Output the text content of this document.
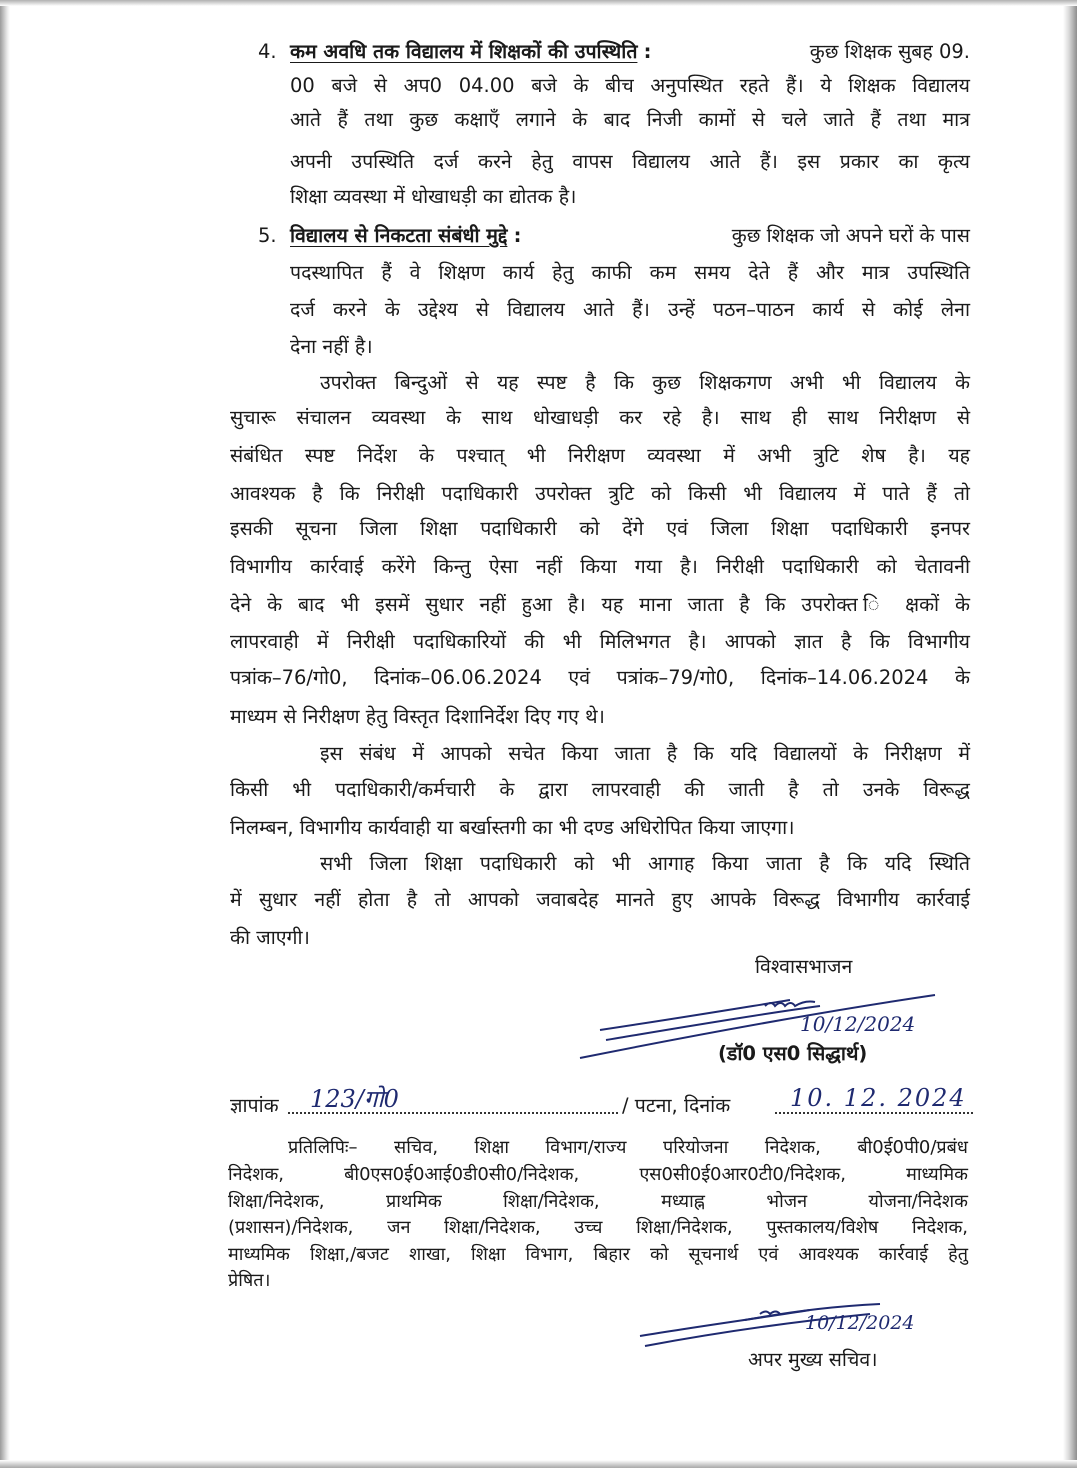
4. कम अवधि तक विद्यालय में शिक्षकों की उपस्थिति :	कुछ शिक्षक सुबह 09.
00 बजे से अप0 04.00 बजे के बीच अनुपस्थित रहते हैं। ये शिक्षक विद्यालय
आते हैं तथा कुछ कक्षाएँ लगाने के बाद निजी कामों से चले जाते हैं तथा मात्र
अपनी उपस्थिति दर्ज करने हेतु वापस विद्यालय आते हैं। इस प्रकार का कृत्य
शिक्षा व्यवस्था में धोखाधड़ी का द्योतक है।
5. विद्यालय से निकटता संबंधी मुद्दे :	कुछ शिक्षक जो अपने घरों के पास
पदस्थापित हैं वे शिक्षण कार्य हेतु काफी कम समय देते हैं और मात्र उपस्थिति
दर्ज करने के उद्देश्य से विद्यालय आते हैं। उन्हें पठन–पाठन कार्य से कोई लेना
देना नहीं है।
उपरोक्त बिन्दुओं से यह स्पष्ट है कि कुछ शिक्षकगण अभी भी विद्यालय के
सुचारू संचालन व्यवस्था के साथ धोखाधड़ी कर रहे है। साथ ही साथ निरीक्षण से
संबंधित स्पष्ट निर्देश के पश्चात् भी निरीक्षण व्यवस्था में अभी त्रुटि शेष है। यह
आवश्यक है कि निरीक्षी पदाधिकारी उपरोक्त त्रुटि को किसी भी विद्यालय में पाते हैं तो
इसकी सूचना जिला शिक्षा पदाधिकारी को देंगे एवं जिला शिक्षा पदाधिकारी इनपर
विभागीय कार्रवाई करेंगे किन्तु ऐसा नहीं किया गया है। निरीक्षी पदाधिकारी को चेतावनी
देने के बाद भी इसमें सुधार नहीं हुआ है। यह माना जाता है कि उपरोक्त ि क्षकों के
लापरवाही में निरीक्षी पदाधिकारियों की भी मिलिभगत है। आपको ज्ञात है कि विभागीय
पत्रांक–76/गो0, दिनांक–06.06.2024 एवं पत्रांक–79/गो0, दिनांक–14.06.2024 के
माध्यम से निरीक्षण हेतु विस्तृत दिशानिर्देश दिए गए थे।
इस संबंध में आपको सचेत किया जाता है कि यदि विद्यालयों के निरीक्षण में
किसी भी पदाधिकारी/कर्मचारी के द्वारा लापरवाही की जाती है तो उनके विरूद्ध
निलम्बन, विभागीय कार्यवाही या बर्खास्तगी का भी दण्ड अधिरोपित किया जाएगा।
सभी जिला शिक्षा पदाधिकारी को भी आगाह किया जाता है कि यदि स्थिति
में सुधार नहीं होता है तो आपको जवाबदेह मानते हुए आपके विरूद्ध विभागीय कार्रवाई
की जाएगी।
विश्वासभाजन
10/12/2024
(डॉ0 एस0 सिद्धार्थ)
ज्ञापांक 123/गो0	/ पटना, दिनांक 10. 12. 2024
प्रतिलिपिः– सचिव, शिक्षा विभाग/राज्य परियोजना निदेशक, बी0ई0पी0/प्रबंध
निदेशक, बी0एस0ई0आई0डी0सी0/निदेशक, एस0सी0ई0आर0टी0/निदेशक, माध्यमिक
शिक्षा/निदेशक, प्राथमिक शिक्षा/निदेशक, मध्याह्न भोजन योजना/निदेशक
(प्रशासन)/निदेशक, जन शिक्षा/निदेशक, उच्च शिक्षा/निदेशक, पुस्तकालय/विशेष निदेशक,
माध्यमिक शिक्षा,/बजट शाखा, शिक्षा विभाग, बिहार को सूचनार्थ एवं आवश्यक कार्रवाई हेतु
प्रेषित।
10/12/2024
अपर मुख्य सचिव।
